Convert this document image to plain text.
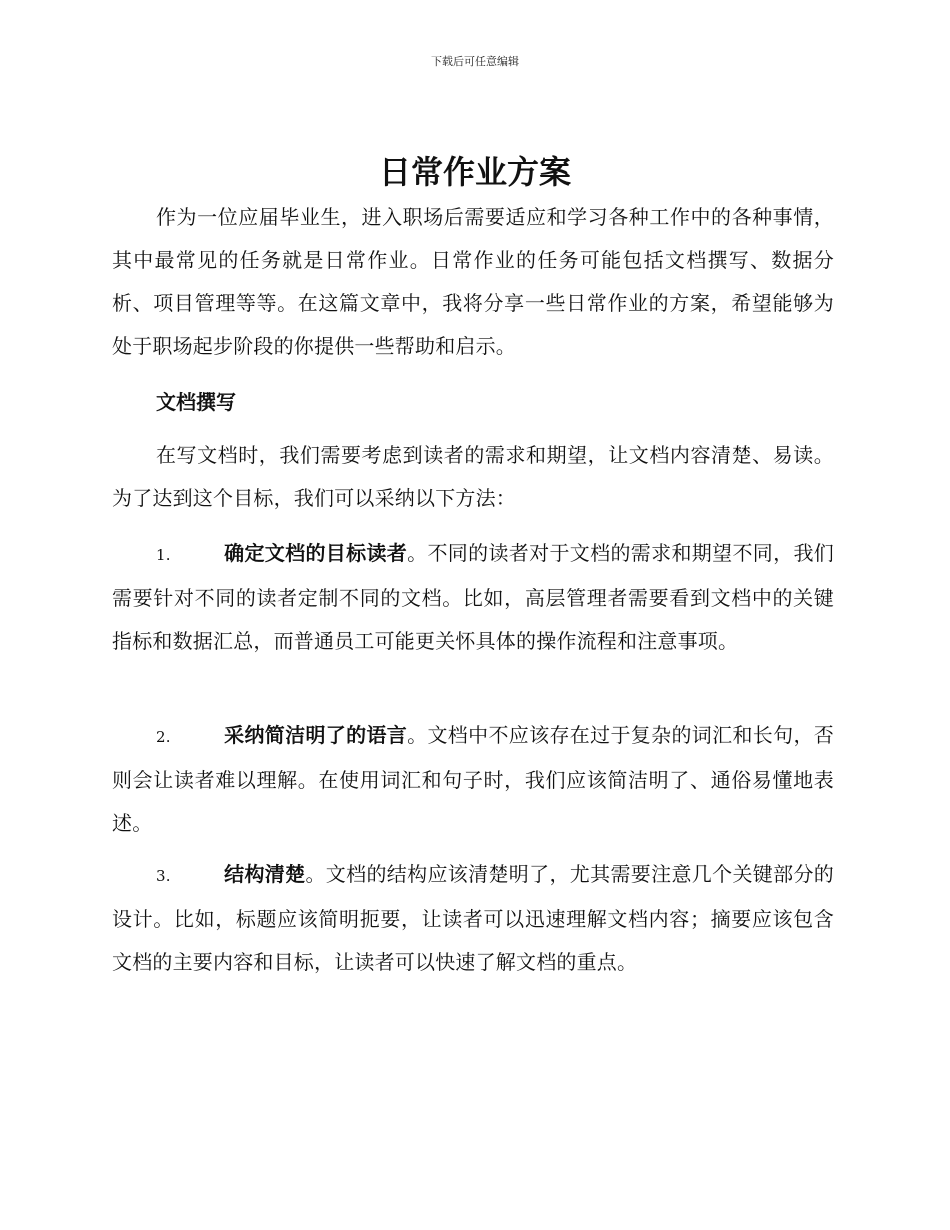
下载后可任意编辑
日常作业方案

作为一位应届毕业生，进入职场后需要适应和学习各种工作中的各种事情，其中最常见的任务就是日常作业。日常作业的任务可能包括文档撰写、数据分析、项目管理等等。在这篇文章中，我将分享一些日常作业的方案，希望能够为处于职场起步阶段的你提供一些帮助和启示。

文档撰写

在写文档时，我们需要考虑到读者的需求和期望，让文档内容清楚、易读。为了达到这个目标，我们可以采纳以下方法：

1.	确定文档的目标读者。不同的读者对于文档的需求和期望不同，我们需要针对不同的读者定制不同的文档。比如，高层管理者需要看到文档中的关键指标和数据汇总，而普通员工可能更关怀具体的操作流程和注意事项。

2.	采纳简洁明了的语言。文档中不应该存在过于复杂的词汇和长句，否则会让读者难以理解。在使用词汇和句子时，我们应该简洁明了、通俗易懂地表述。

3.	结构清楚。文档的结构应该清楚明了，尤其需要注意几个关键部分的设计。比如，标题应该简明扼要，让读者可以迅速理解文档内容；摘要应该包含文档的主要内容和目标，让读者可以快速了解文档的重点。
